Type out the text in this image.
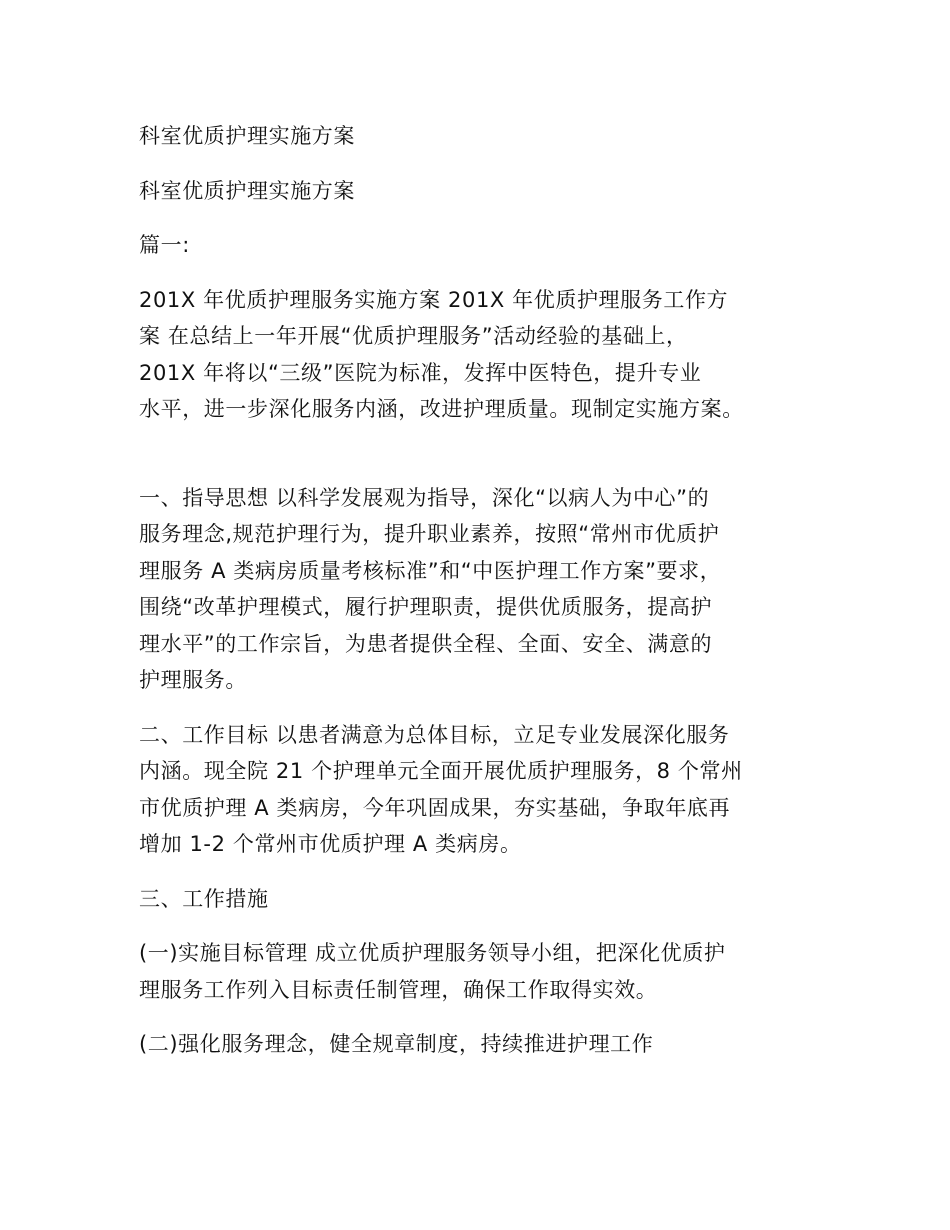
科室优质护理实施方案

科室优质护理实施方案

篇一:

201X 年优质护理服务实施方案 201X 年优质护理服务工作方
案 在总结上一年开展“优质护理服务”活动经验的基础上，
201X 年将以“三级”医院为标准，发挥中医特色，提升专业
水平，进一步深化服务内涵，改进护理质量。现制定实施方案。

一、指导思想 以科学发展观为指导，深化“以病人为中心”的
服务理念,规范护理行为，提升职业素养，按照“常州市优质护
理服务 A 类病房质量考核标准”和“中医护理工作方案”要求，
围绕“改革护理模式，履行护理职责，提供优质服务，提高护
理水平”的工作宗旨，为患者提供全程、全面、安全、满意的
护理服务。

二、工作目标 以患者满意为总体目标，立足专业发展深化服务
内涵。现全院 21 个护理单元全面开展优质护理服务，8 个常州
市优质护理 A 类病房，今年巩固成果，夯实基础，争取年底再
增加 1-2 个常州市优质护理 A 类病房。

三、工作措施

(一)实施目标管理 成立优质护理服务领导小组，把深化优质护
理服务工作列入目标责任制管理，确保工作取得实效。

(二)强化服务理念，健全规章制度，持续推进护理工作
